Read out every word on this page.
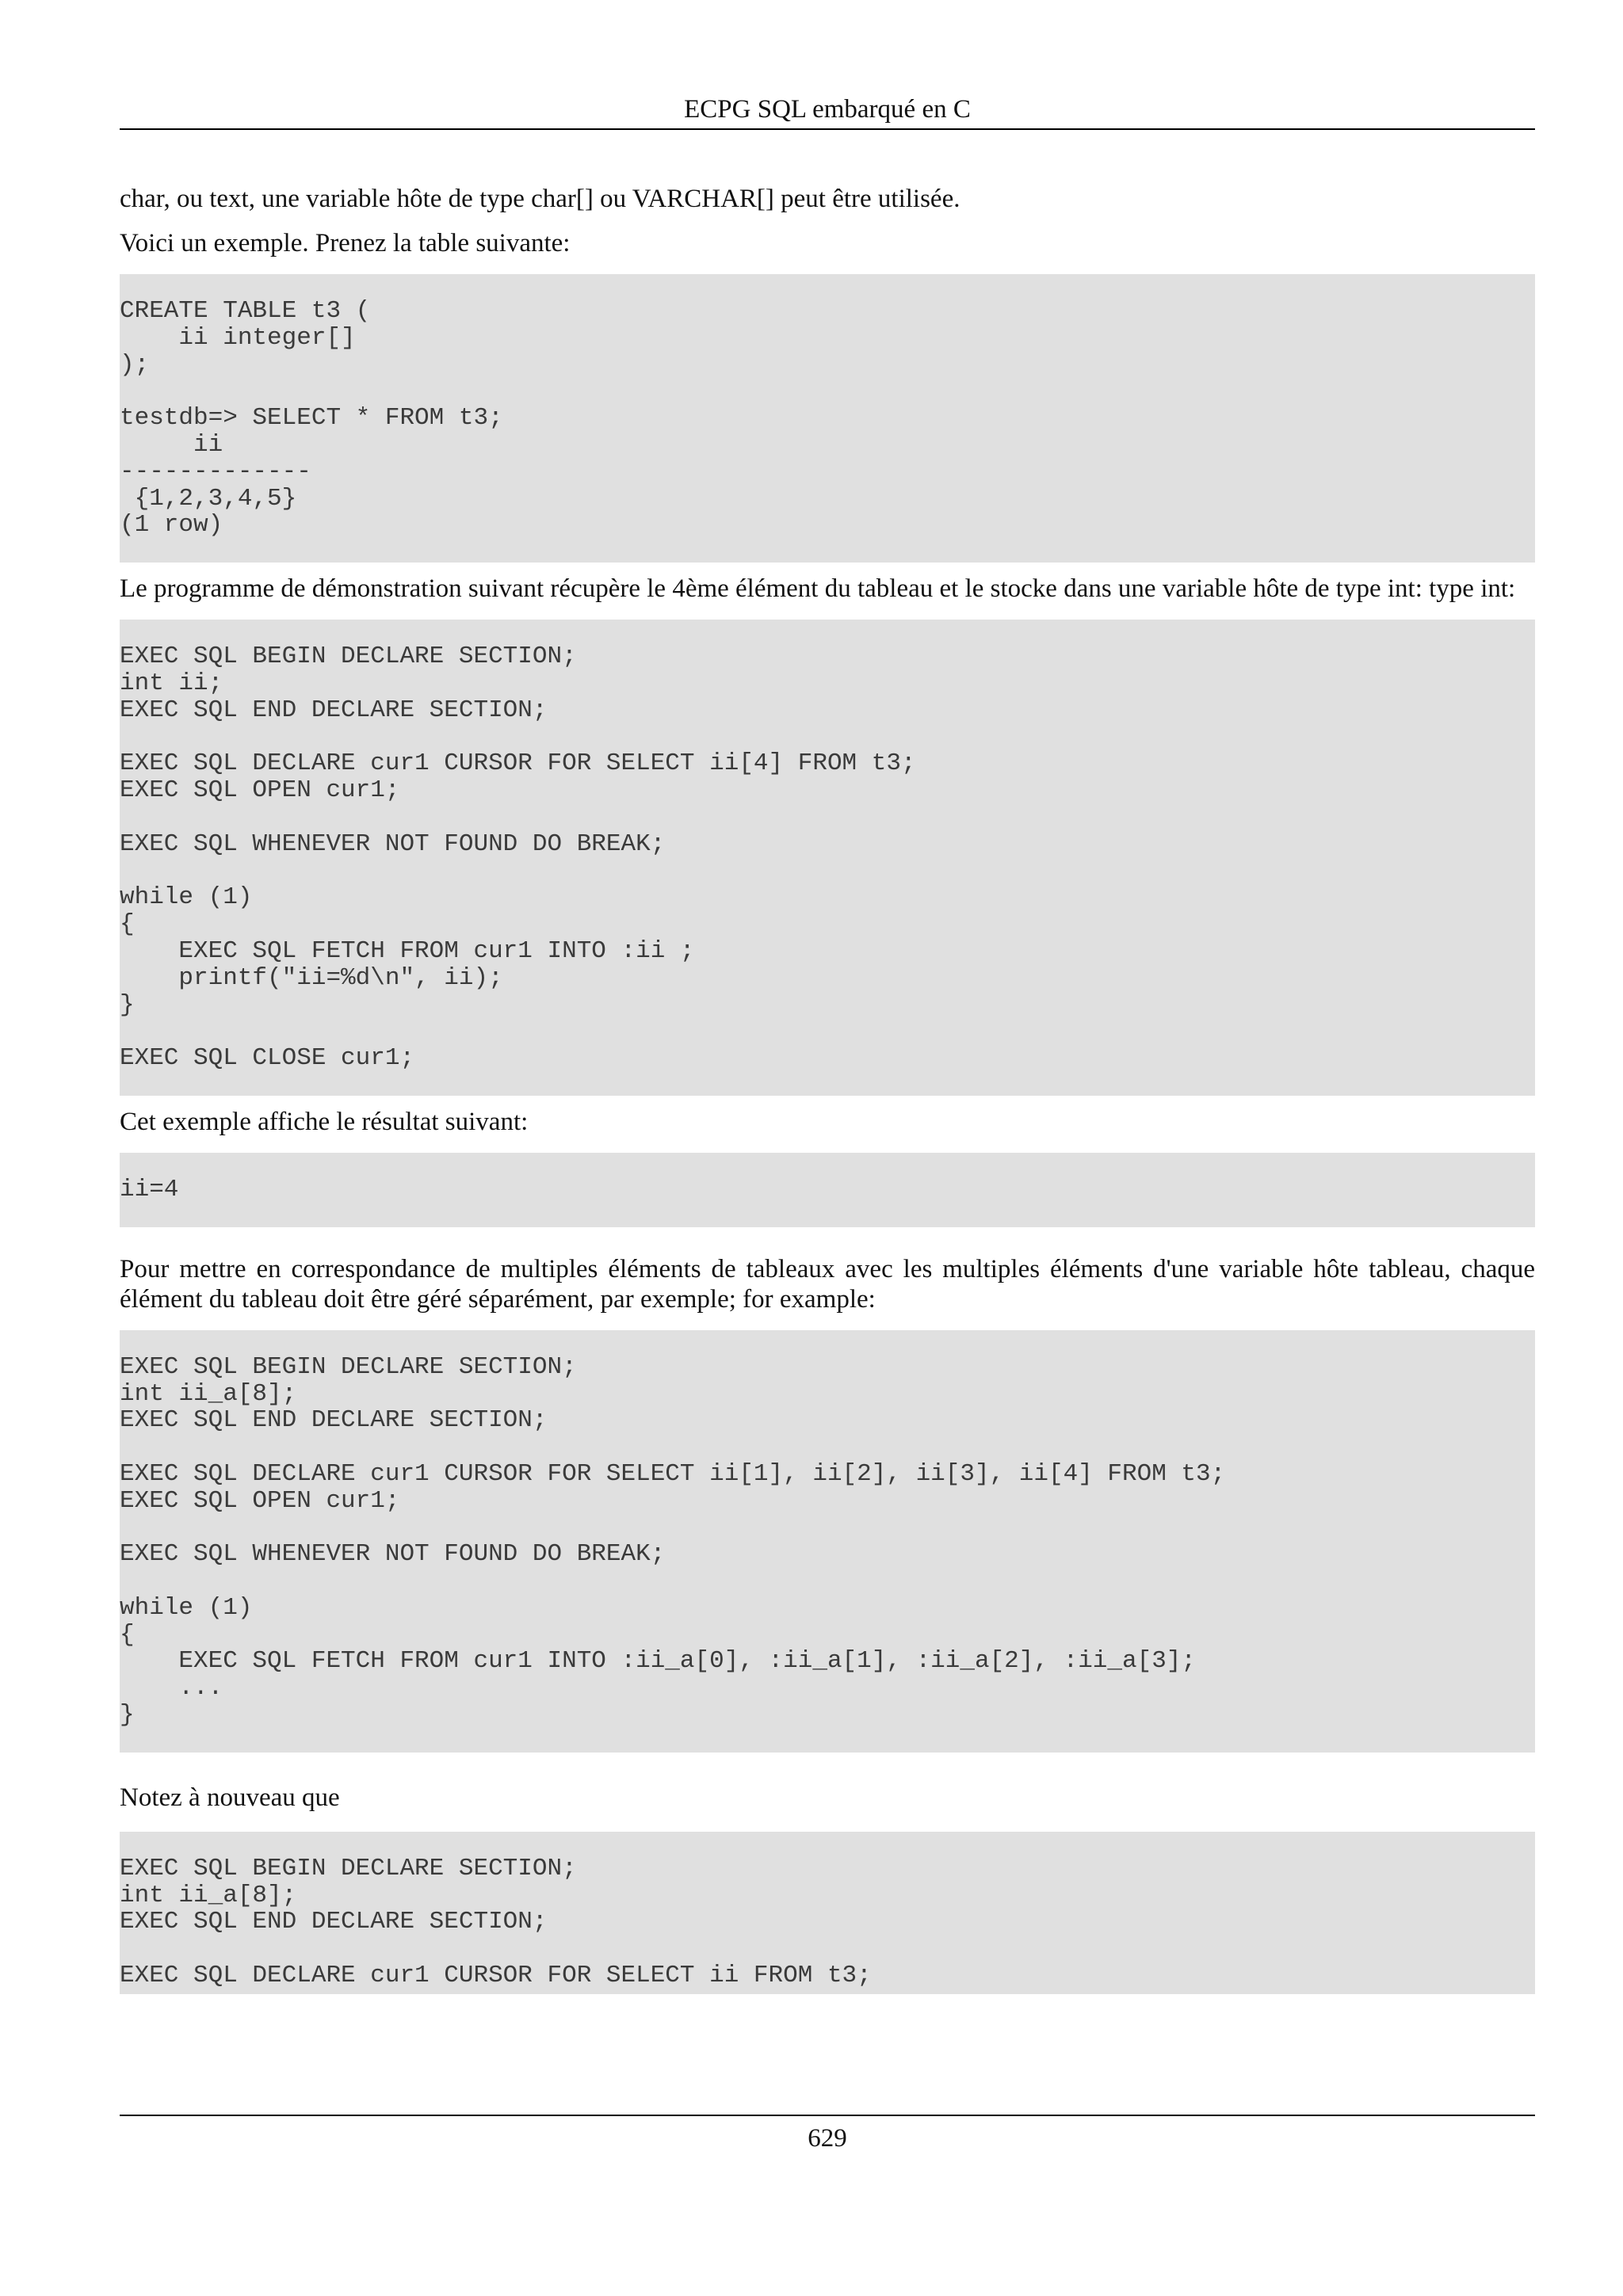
ECPG SQL embarqué en C

char, ou text, une variable hôte de type char[] ou VARCHAR[] peut être utilisée.

Voici un exemple. Prenez la table suivante:

CREATE TABLE t3 (
ii integer[]
);

testdb=> SELECT * FROM t3;
ii
-------------
{1,2,3,4,5}
(1 row)

Le programme de démonstration suivant récupère le 4ème élément du tableau et le stocke dans une variable hôte de type int: type int:

EXEC SQL BEGIN DECLARE SECTION;
int ii;
EXEC SQL END DECLARE SECTION;

EXEC SQL DECLARE cur1 CURSOR FOR SELECT ii[4] FROM t3;
EXEC SQL OPEN cur1;

EXEC SQL WHENEVER NOT FOUND DO BREAK;

while (1)
{
EXEC SQL FETCH FROM cur1 INTO :ii ;
printf("ii=%d\n", ii);
}

EXEC SQL CLOSE cur1;

Cet exemple affiche le résultat suivant:

ii=4

Pour mettre en correspondance de multiples éléments de tableaux avec les multiples éléments d'une variable hôte tableau, chaque élément du tableau doit être géré séparément, par exemple; for example:

EXEC SQL BEGIN DECLARE SECTION;
int ii_a[8];
EXEC SQL END DECLARE SECTION;

EXEC SQL DECLARE cur1 CURSOR FOR SELECT ii[1], ii[2], ii[3], ii[4] FROM t3;
EXEC SQL OPEN cur1;

EXEC SQL WHENEVER NOT FOUND DO BREAK;

while (1)
{
EXEC SQL FETCH FROM cur1 INTO :ii_a[0], :ii_a[1], :ii_a[2], :ii_a[3];
...
}

Notez à nouveau que

EXEC SQL BEGIN DECLARE SECTION;
int ii_a[8];
EXEC SQL END DECLARE SECTION;

EXEC SQL DECLARE cur1 CURSOR FOR SELECT ii FROM t3;
629
